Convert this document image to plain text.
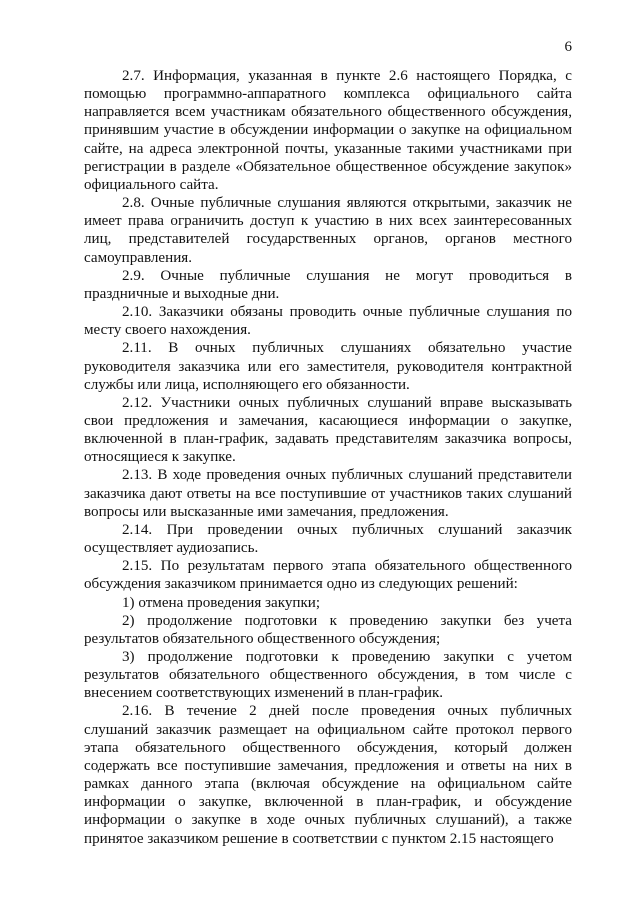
6

2.7. Информация, указанная в пункте 2.6 настоящего Порядка, с помощью программно-аппаратного комплекса официального сайта направляется всем участникам обязательного общественного обсуждения, принявшим участие в обсуждении информации о закупке на официальном сайте, на адреса электронной почты, указанные такими участниками при регистрации в разделе «Обязательное общественное обсуждение закупок» официального сайта.

2.8. Очные публичные слушания являются открытыми, заказчик не имеет права ограничить доступ к участию в них всех заинтересованных лиц, представителей государственных органов, органов местного самоуправления.

2.9. Очные публичные слушания не могут проводиться в праздничные и выходные дни.

2.10. Заказчики обязаны проводить очные публичные слушания по месту своего нахождения.

2.11. В очных публичных слушаниях обязательно участие руководителя заказчика или его заместителя, руководителя контрактной службы или лица, исполняющего его обязанности.

2.12. Участники очных публичных слушаний вправе высказывать свои предложения и замечания, касающиеся информации о закупке, включенной в план-график, задавать представителям заказчика вопросы, относящиеся к закупке.

2.13. В ходе проведения очных публичных слушаний представители заказчика дают ответы на все поступившие от участников таких слушаний вопросы или высказанные ими замечания, предложения.

2.14. При проведении очных публичных слушаний заказчик осуществляет аудиозапись.

2.15. По результатам первого этапа обязательного общественного обсуждения заказчиком принимается одно из следующих решений:

1) отмена проведения закупки;

2) продолжение подготовки к проведению закупки без учета результатов обязательного общественного обсуждения;

3) продолжение подготовки к проведению закупки с учетом результатов обязательного общественного обсуждения, в том числе с внесением соответствующих изменений в план-график.

2.16. В течение 2 дней после проведения очных публичных слушаний заказчик размещает на официальном сайте протокол первого этапа обязательного общественного обсуждения, который должен содержать все поступившие замечания, предложения и ответы на них в рамках данного этапа (включая обсуждение на официальном сайте информации о закупке, включенной в план-график, и обсуждение информации о закупке в ходе очных публичных слушаний), а также принятое заказчиком решение в соответствии с пунктом 2.15 настоящего
